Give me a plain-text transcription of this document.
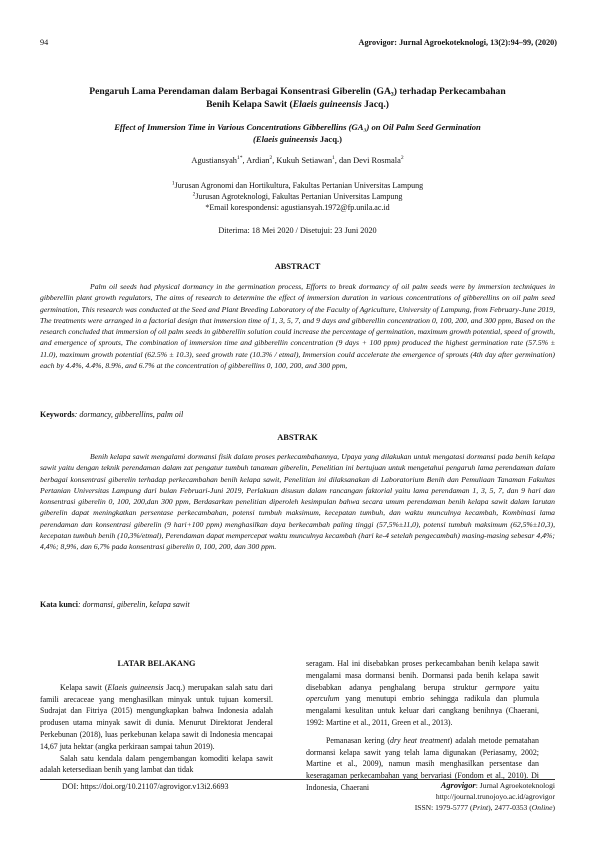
94	Agrovigor: Jurnal Agroekoteknologi, 13(2):94–99, (2020)
Pengaruh Lama Perendaman dalam Berbagai Konsentrasi Giberelin (GA₃) terhadap Perkecambahan
Benih Kelapa Sawit (Elaeis guineensis Jacq.)
Effect of Immersion Time in Various Concentrations Gibberellins (GA₃) on Oil Palm Seed Germination
(Elaeis guineensis Jacq.)
Agustiansyah$^{1*}$, Ardian$^2$, Kukuh Setiawan$^1$, dan Devi Rosmala$^2$
$^1$Jurusan Agronomi dan Hortikultura, Fakultas Pertanian Universitas Lampung
$^2$Jurusan Agroteknologi, Fakultas Pertanian Universitas Lampung
*Email korespondensi: agustiansyah.1972@fp.unila.ac.id
Diterima: 18 Mei 2020 / Disetujui: 23 Juni 2020
ABSTRACT
Palm oil seeds had physical dormancy in the germination process, Efforts to break dormancy of oil palm seeds were by immersion techniques in gibberellin plant growth regulators, The aims of research to determine the effect of immersion duration in various concentrations of gibberellins on oil palm seed germination, This research was conducted at the Seed and Plant Breeding Laboratory of the Faculty of Agriculture, University of Lampung, from February-June 2019, The treatments were arranged in a factorial design that immersion time of 1, 3, 5, 7, and 9 days and gibberellin concentration 0, 100, 200, and 300 ppm, Based on the research concluded that immersion of oil palm seeds in gibberellin solution could increase the percentage of germination, maximum growth potential, speed of growth, and emergence of sprouts, The combination of immersion time and gibberellin concentration (9 days + 100 ppm) produced the highest germination rate (57.5% ± 11.0), maximum growth potential (62.5% ± 10.3), seed growth rate (10.3% / etmal), Immersion could accelerate the emergence of sprouts (4th day after germination) each by 4.4%, 4.4%, 8.9%, and 6.7% at the concentration of gibberellins 0, 100, 200, and 300 ppm,
Keywords: dormancy, gibberellins, palm oil
ABSTRAK
Benih kelapa sawit mengalami dormansi fisik dalam proses perkecambahannya, Upaya yang dilakukan untuk mengatasi dormansi pada benih kelapa sawit yaitu dengan teknik perendaman dalam zat pengatur tumbuh tanaman giberelin, Penelitian ini bertujuan untuk mengetahui pengaruh lama perendaman dalam berbagai konsentrasi giberelin terhadap perkecambahan benih kelapa sawit, Penelitian ini dilaksanakan di Laboratorium Benih dan Pemuliaan Tanaman Fakultas Pertanian Universitas Lampung dari bulan Februari-Juni 2019, Perlakuan disusun dalam rancangan faktorial yaitu lama perendaman 1, 3, 5, 7, dan 9 hari dan konsentrasi giberelin 0, 100, 200,dan 300 ppm, Berdasarkan penelitian diperoleh kesimpulan bahwa secara umum perendaman benih kelapa sawit dalam larutan giberelin dapat meningkatkan persentase perkecambahan, potensi tumbuh maksimum, kecepatan tumbuh, dan waktu munculnya kecambah, Kombinasi lama perendaman dan konsentrasi giberelin (9 hari+100 ppm) menghasilkan daya berkecambah paling tinggi (57,5%±11,0), potensi tumbuh maksimum (62,5%±10,3), kecepatan tumbuh benih (10,3%/etmal), Perendaman dapat mempercepat waktu munculnya kecambah (hari ke-4 setelah pengecambah) masing-masing sebesar 4,4%; 4,4%; 8,9%, dan 6,7% pada konsentrasi giberelin 0, 100, 200, dan 300 ppm.
Kata kunci: dormansi, giberelin, kelapa sawit

LATAR BELAKANG

Kelapa sawit (Elaeis guineensis Jacq.) merupakan salah satu dari famili arecaceae yang menghasilkan minyak untuk tujuan komersil. Sudrajat dan Fitriya (2015) mengungkapkan bahwa Indonesia adalah produsen utama minyak sawit di dunia. Menurut Direktorat Jenderal Perkebunan (2018), luas perkebunan kelapa sawit di Indonesia mencapai 14,67 juta hektar (angka perkiraan sampai tahun 2019).

Salah satu kendala dalam pengembangan komoditi kelapa sawit adalah ketersediaan benih yang lambat dan tidak

seragam. Hal ini disebabkan proses perkecambahan benih kelapa sawit mengalami masa dormansi benih. Dormansi pada benih kelapa sawit disebabkan adanya penghalang berupa struktur germpore yaitu operculum yang menutupi embrio sehingga radikula dan plumula mengalami kesulitan untuk keluar dari cangkang benihnya (Chaerani, 1992: Martine et al., 2011, Green et al., 2013).

Pemanasan kering (dry heat treatment) adalah metode pematahan dormansi kelapa sawit yang telah lama digunakan (Periasamy, 2002; Martine et al., 2009), namun masih menghasilkan persentase dan keseragaman perkecambahan yang bervariasi (Fondom et al., 2010). Di Indonesia, Chaerani

DOI: https://doi.org/10.21107/agrovigor.v13i2.6693	Agrovigor: Jurnal Agroekoteknologi
http://journal.trunojoyo.ac.id/agrovigor
ISSN: 1979-5777 (Print), 2477-0353 (Online)
